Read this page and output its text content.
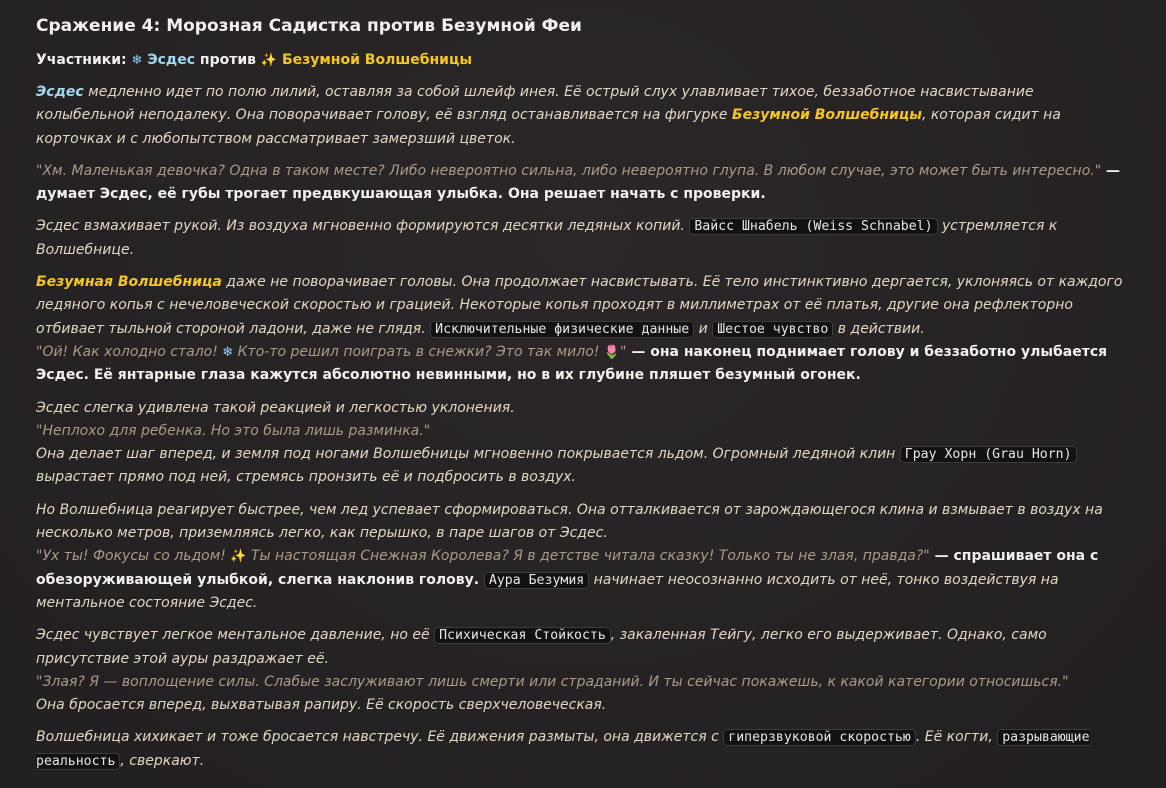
Сражение 4: Морозная Садистка против Безумной Феи
Участники: ❄ Эсдес против ✨ Безумной Волшебницы
Эсдес медленно идет по полю лилий, оставляя за собой шлейф инея. Её острый слух улавливает тихое, беззаботное насвистывание колыбельной неподалеку. Она поворачивает голову, её взгляд останавливается на фигурке Безумной Волшебницы, которая сидит на корточках и с любопытством рассматривает замерзший цветок.
"Хм. Маленькая девочка? Одна в таком месте? Либо невероятно сильна, либо невероятно глупа. В любом случае, это может быть интересно." — думает Эсдес, её губы трогает предвкушающая улыбка. Она решает начать с проверки.
Эсдес взмахивает рукой. Из воздуха мгновенно формируются десятки ледяных копий. Вайсс Шнабель (Weiss Schnabel) устремляется к Волшебнице.
Безумная Волшебница даже не поворачивает головы. Она продолжает насвистывать. Её тело инстинктивно дергается, уклоняясь от каждого ледяного копья с нечеловеческой скоростью и грацией. Некоторые копья проходят в миллиметрах от её платья, другие она рефлекторно отбивает тыльной стороной ладони, даже не глядя. Исключительные физические данные и Шестое чувство в действии.
"Ой! Как холодно стало! ❄ Кто-то решил поиграть в снежки? Это так мило! 🌷" — она наконец поднимает голову и беззаботно улыбается Эсдес. Её янтарные глаза кажутся абсолютно невинными, но в их глубине пляшет безумный огонек.
Эсдес слегка удивлена такой реакцией и легкостью уклонения.
"Неплохо для ребенка. Но это была лишь разминка."
Она делает шаг вперед, и земля под ногами Волшебницы мгновенно покрывается льдом. Огромный ледяной клин Грау Хорн (Grau Horn) вырастает прямо под ней, стремясь пронзить её и подбросить в воздух.
Но Волшебница реагирует быстрее, чем лед успевает сформироваться. Она отталкивается от зарождающегося клина и взмывает в воздух на несколько метров, приземляясь легко, как перышко, в паре шагов от Эсдес.
"Ух ты! Фокусы со льдом! ✨ Ты настоящая Снежная Королева? Я в детстве читала сказку! Только ты не злая, правда?" — спрашивает она с обезоруживающей улыбкой, слегка наклонив голову. Аура Безумия начинает неосознанно исходить от неё, тонко воздействуя на ментальное состояние Эсдес.
Эсдес чувствует легкое ментальное давление, но её Психическая Стойкость , закаленная Тейгу, легко его выдерживает. Однако, само присутствие этой ауры раздражает её.
"Злая? Я — воплощение силы. Слабые заслуживают лишь смерти или страданий. И ты сейчас покажешь, к какой категории относишься."
Она бросается вперед, выхватывая рапиру. Её скорость сверхчеловеческая.
Волшебница хихикает и тоже бросается навстречу. Её движения размыты, она движется с гиперзвуковой скоростью . Её когти, разрывающие реальность , сверкают.
